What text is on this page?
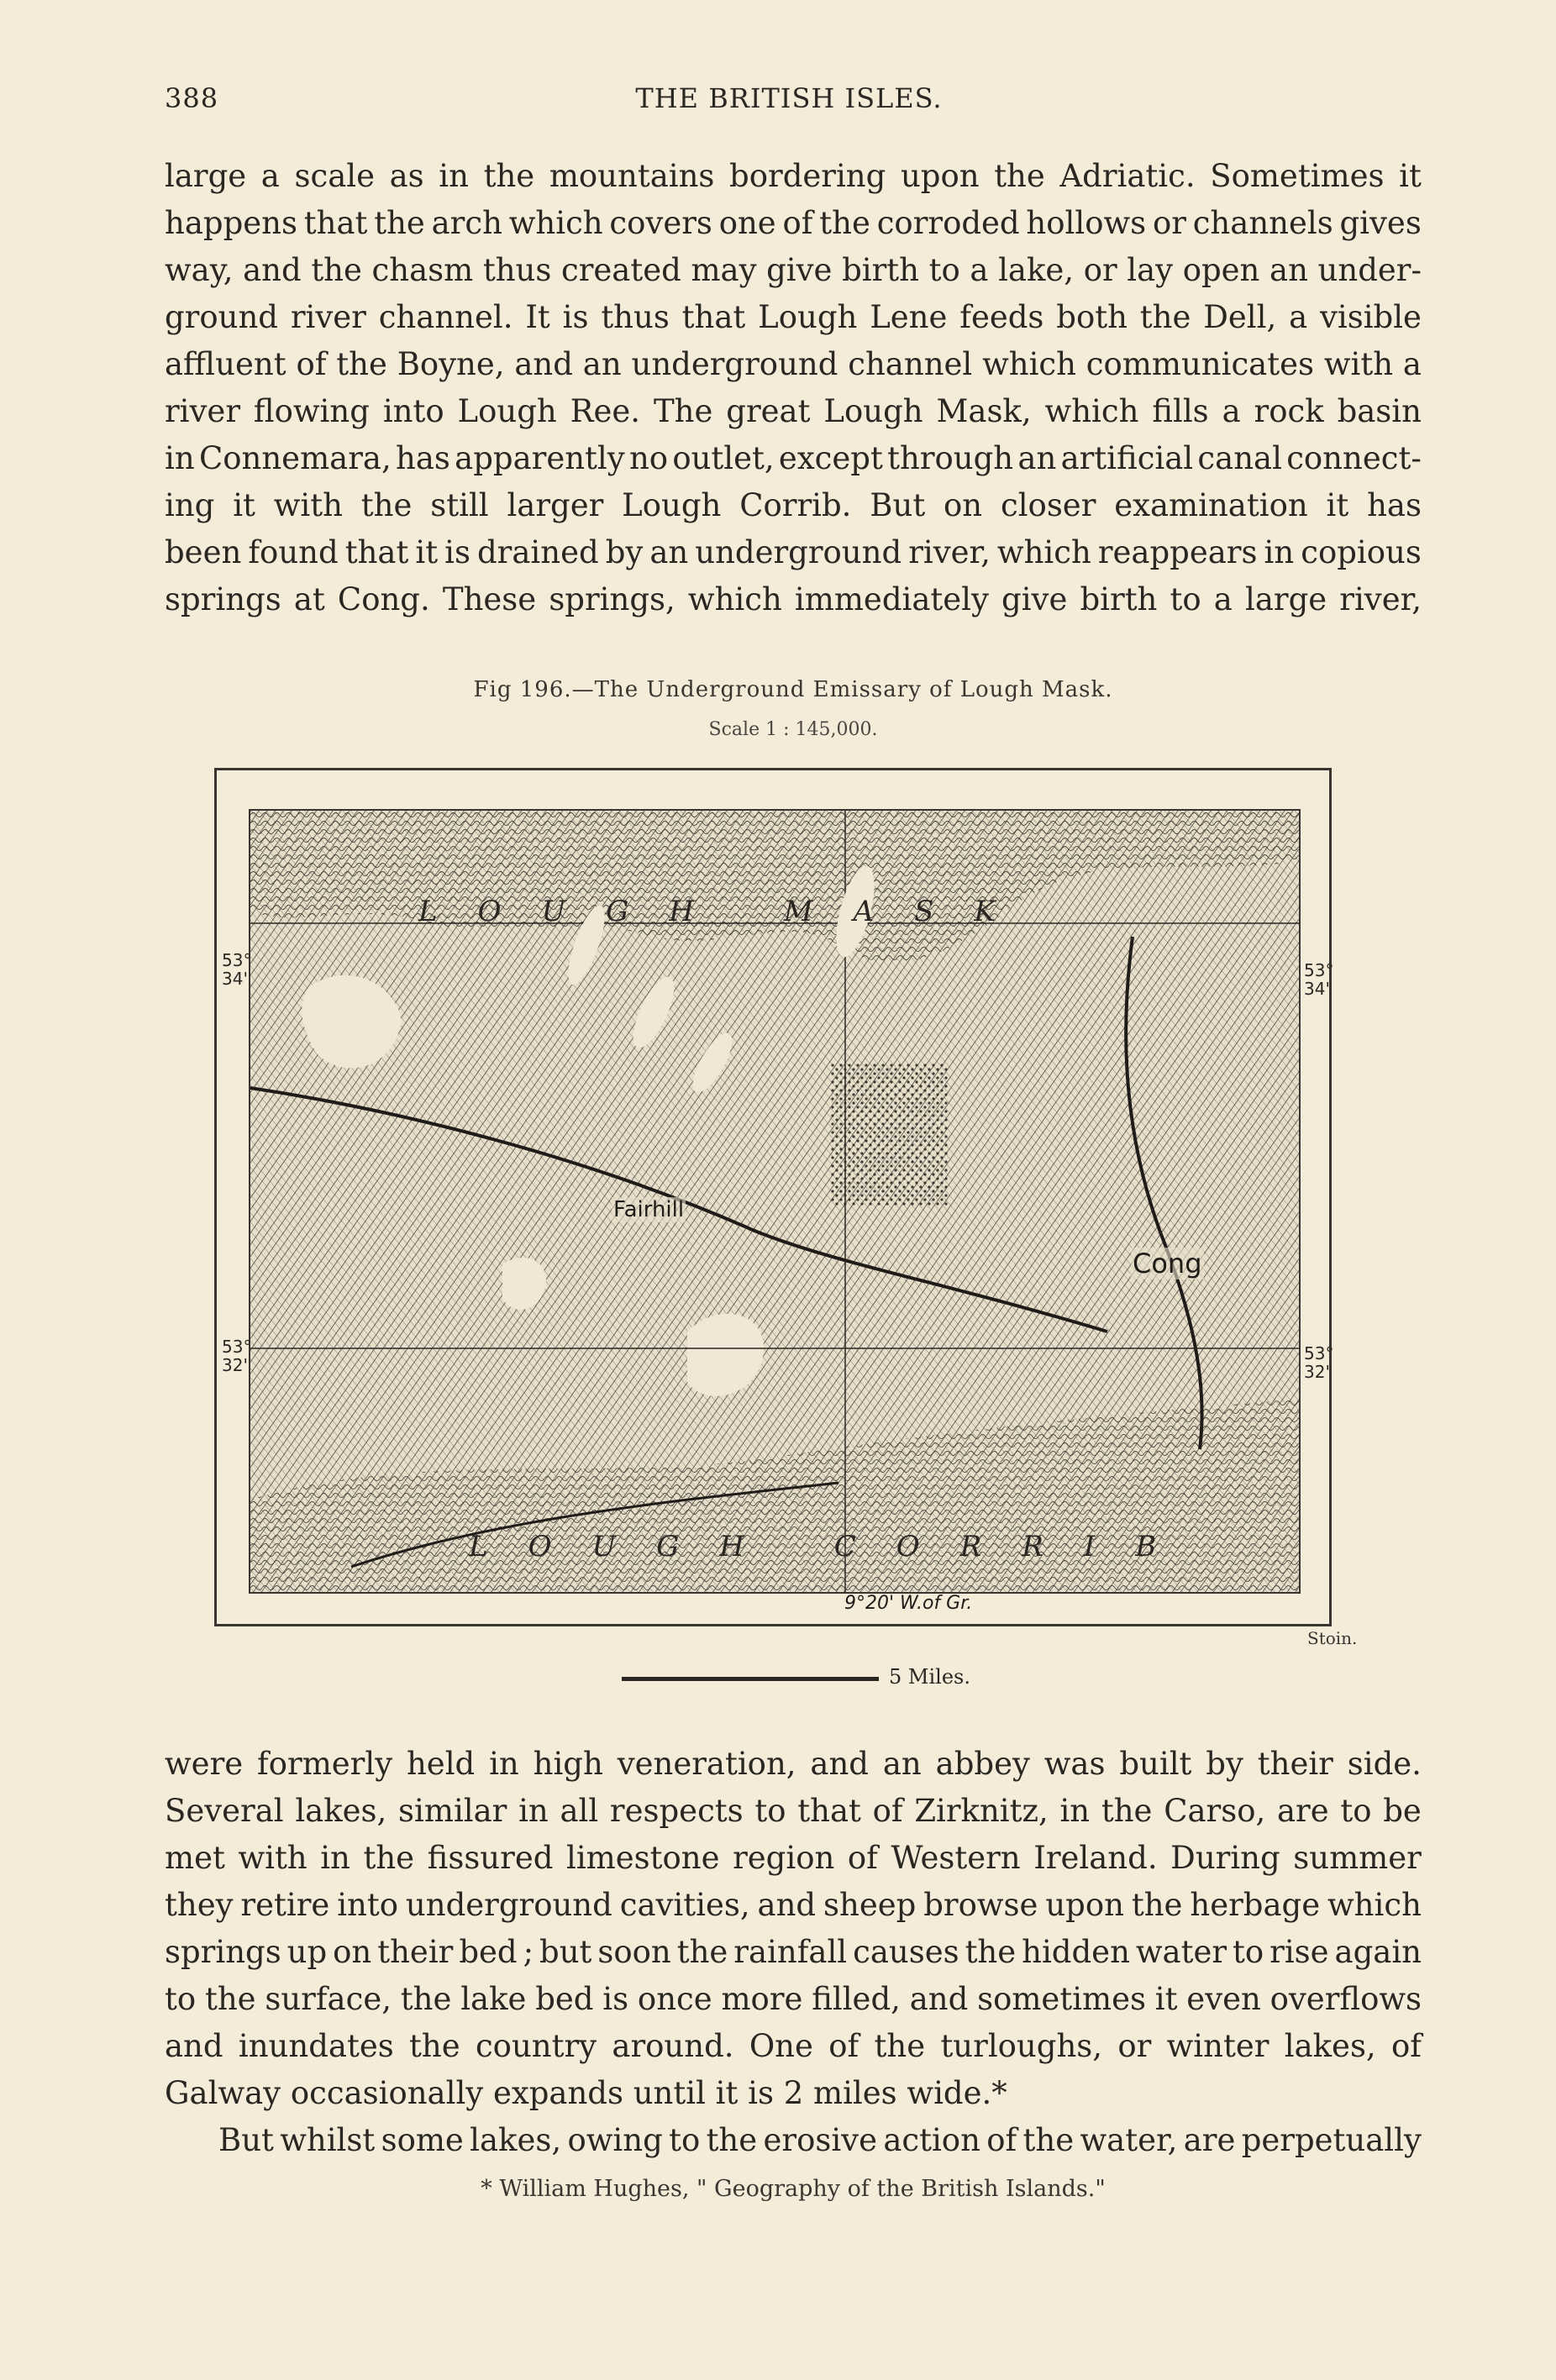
388	THE BRITISH ISLES.
large a scale as in the mountains bordering upon the Adriatic. Sometimes it
happens that the arch which covers one of the corroded hollows or channels gives
way, and the chasm thus created may give birth to a lake, or lay open an under-
ground river channel. It is thus that Lough Lene feeds both the Dell, a visible
affluent of the Boyne, and an underground channel which communicates with a
river flowing into Lough Ree. The great Lough Mask, which fills a rock basin
in Connemara, has apparently no outlet, except through an artificial canal connect-
ing it with the still larger Lough Corrib. But on closer examination it has
been found that it is drained by an underground river, which reappears in copious
springs at Cong. These springs, which immediately give birth to a large river,
Fig 196.—The Underground Emissary of Lough Mask.
Scale 1 : 145,000.
LOUGH MASK
LOUGH CORRIB
Fairhill
Cong
53°
34'	53°
34'
53°
32'
53°
32'
9°20' W.of Gr.
Stoin.
5 Miles.
were formerly held in high veneration, and an abbey was built by their side.
Several lakes, similar in all respects to that of Zirknitz, in the Carso, are to be
met with in the fissured limestone region of Western Ireland. During summer
they retire into underground cavities, and sheep browse upon the herbage which
springs up on their bed ; but soon the rainfall causes the hidden water to rise again
to the surface, the lake bed is once more filled, and sometimes it even overflows
and inundates the country around. One of the turloughs, or winter lakes, of
Galway occasionally expands until it is 2 miles wide.*
But whilst some lakes, owing to the erosive action of the water, are perpetually
* William Hughes, " Geography of the British Islands."
